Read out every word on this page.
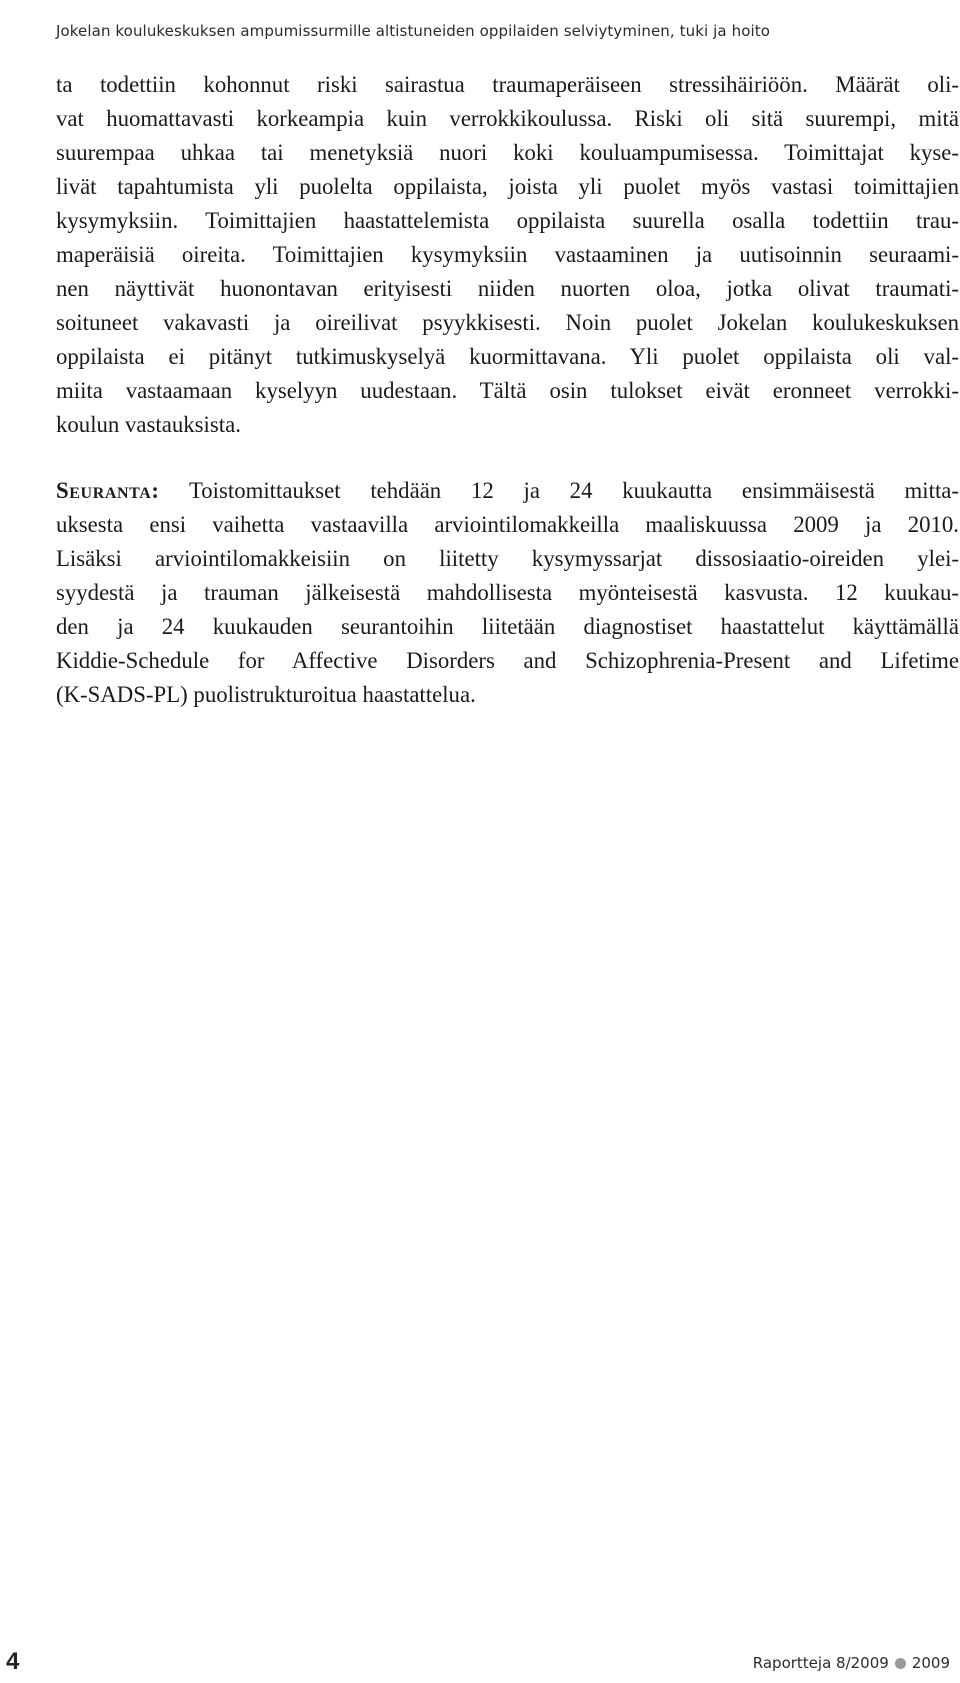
Jokelan koulukeskuksen ampumissurmille altistuneiden oppilaiden selviytyminen, tuki ja hoito
ta todettiin kohonnut riski sairastua traumaperäiseen stressihäiriöön. Määrät oli-
vat huomattavasti korkeampia kuin verrokkikoulussa. Riski oli sitä suurempi, mitä
suurempaa uhkaa tai menetyksiä nuori koki kouluampumisessa. Toimittajat kyse-
livät tapahtumista yli puolelta oppilaista, joista yli puolet myös vastasi toimittajien
kysymyksiin. Toimittajien haastattelemista oppilaista suurella osalla todettiin trau-
maperäisiä oireita. Toimittajien kysymyksiin vastaaminen ja uutisoinnin seuraami-
nen näyttivät huonontavan erityisesti niiden nuorten oloa, jotka olivat traumati-
soituneet vakavasti ja oireilivat psyykkisesti. Noin puolet Jokelan koulukeskuksen
oppilaista ei pitänyt tutkimuskyselyä kuormittavana. Yli puolet oppilaista oli val-
miita vastaamaan kyselyyn uudestaan. Tältä osin tulokset eivät eronneet verrokki-
koulun vastauksista.
Seuranta: Toistomittaukset tehdään 12 ja 24 kuukautta ensimmäisestä mitta-
uksesta ensi vaihetta vastaavilla arviointilomakkeilla maaliskuussa 2009 ja 2010.
Lisäksi arviointilomakkeisiin on liitetty kysymyssarjat dissosiaatio-oireiden ylei-
syydestä ja trauman jälkeisestä mahdollisesta myönteisestä kasvusta. 12 kuukau-
den ja 24 kuukauden seurantoihin liitetään diagnostiset haastattelut käyttämällä
Kiddie-Schedule for Affective Disorders and Schizophrenia-Present and Lifetime
(K-SADS-PL) puolistrukturoitua haastattelua.
4	Raportteja 8/2009 2009
